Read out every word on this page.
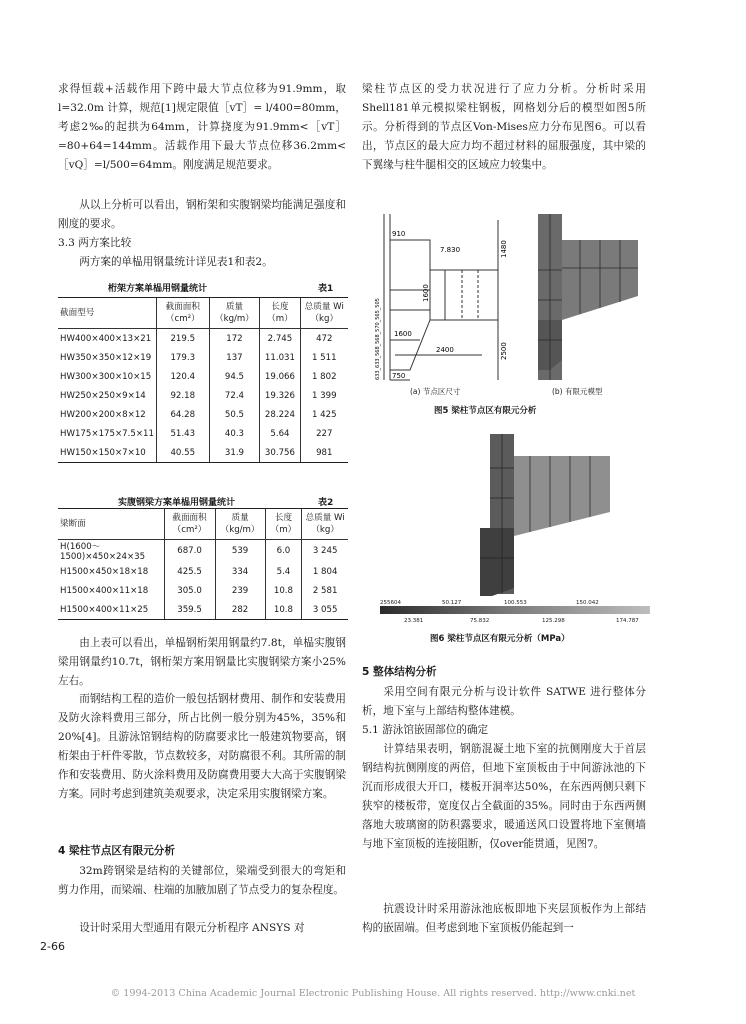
求得恒载+活载作用下跨中最大节点位移为91.9mm，取 l=32.0m 计算，规范[1]规定限值［vT］= l/400=80mm，考虑2‰的起拱为64mm，计算挠度为91.9mm<［vT］=80+64=144mm。活载作用下最大节点位移36.2mm<［vQ］=l/500=64mm。刚度满足规范要求。
从以上分析可以看出，钢桁架和实腹钢梁均能满足强度和刚度的要求。
3.3 两方案比较
两方案的单榀用钢量统计详见表1和表2。
桁架方案单榀用钢量统计	表1
截面型号	截面面积（cm²）	质量（kg/m）	长度（m）	总质量 Wi（kg）
HW400×400×13×21	219.5	172	2.745	472
HW350×350×12×19	179.3	137	11.031	1 511
HW300×300×10×15	120.4	94.5	19.066	1 802
HW250×250×9×14	92.18	72.4	19.326	1 399
HW200×200×8×12	64.28	50.5	28.224	1 425
HW175×175×7.5×11	51.43	40.3	5.64	227
HW150×150×7×10	40.55	31.9	30.756	981
实腹钢梁方案单榀用钢量统计	表2
梁断面	截面面积（cm²）	质量（kg/m）	长度（m）	总质量 Wi（kg）
H(1600～1500)×450×24×35	687.0	539	6.0	3 245
H1500×450×18×18	425.5	334	5.4	1 804
H1500×400×11×18	305.0	239	10.8	2 581
H1500×400×11×25	359.5	282	10.8	3 055
由上表可以看出，单榀钢桁架用钢量约7.8t，单榀实腹钢梁用钢量约10.7t，钢桁架方案用钢量比实腹钢梁方案小25%左右。
而钢结构工程的造价一般包括钢材费用、制作和安装费用及防火涂料费用三部分，所占比例一般分别为45%，35%和20%[4]。且游泳馆钢结构的防腐要求比一般建筑物要高，钢桁架由于杆件零散，节点数较多，对防腐很不利。其所需的制作和安装费用、防火涂料费用及防腐费用要大大高于实腹钢梁方案。同时考虑到建筑美观要求，决定采用实腹钢梁方案。
4 梁柱节点区有限元分析
32m跨钢梁是结构的关键部位，梁端受到很大的弯矩和剪力作用，而梁端、柱端的加腋加剧了节点受力的复杂程度。
设计时采用大型通用有限元分析程序 ANSYS 对
2-66
梁柱节点区的受力状况进行了应力分析。分析时采用Shell181单元模拟梁柱钢板，网格划分后的模型如图5所示。分析得到的节点区Von-Mises应力分布见图6。可以看出，节点区的最大应力均不超过材料的屈服强度，其中梁的下翼缘与柱牛腿相交的区域应力较集中。
910
7.830
1600
1600
2400
1480
2500
750
633_633_568_568_570_565_505
(a) 节点区尺寸	(b) 有限元模型
图5 梁柱节点区有限元分析
255604
23.381
50.127
75.832
100.553
125.298
150.042
174.787
图6 梁柱节点区有限元分析（MPa）
5 整体结构分析
采用空间有限元分析与设计软件 SATWE 进行整体分析，地下室与上部结构整体建模。
5.1 游泳馆嵌固部位的确定
计算结果表明，钢筋混凝土地下室的抗侧刚度大于首层钢结构抗侧刚度的两倍，但地下室顶板由于中间游泳池的下沉而形成很大开口，楼板开洞率达50%，在东西两侧只剩下狭窄的楼板带，宽度仅占全截面的35%。同时由于东西两侧落地大玻璃窗的防积露要求，暖通送风口设置将地下室侧墙与地下室顶板的连接阻断，仅over能贯通，见图7。
抗震设计时采用游泳池底板即地下夹层顶板作为上部结构的嵌固端。但考虑到地下室顶板仍能起到一
© 1994-2013 China Academic Journal Electronic Publishing House. All rights reserved. http://www.cnki.net
